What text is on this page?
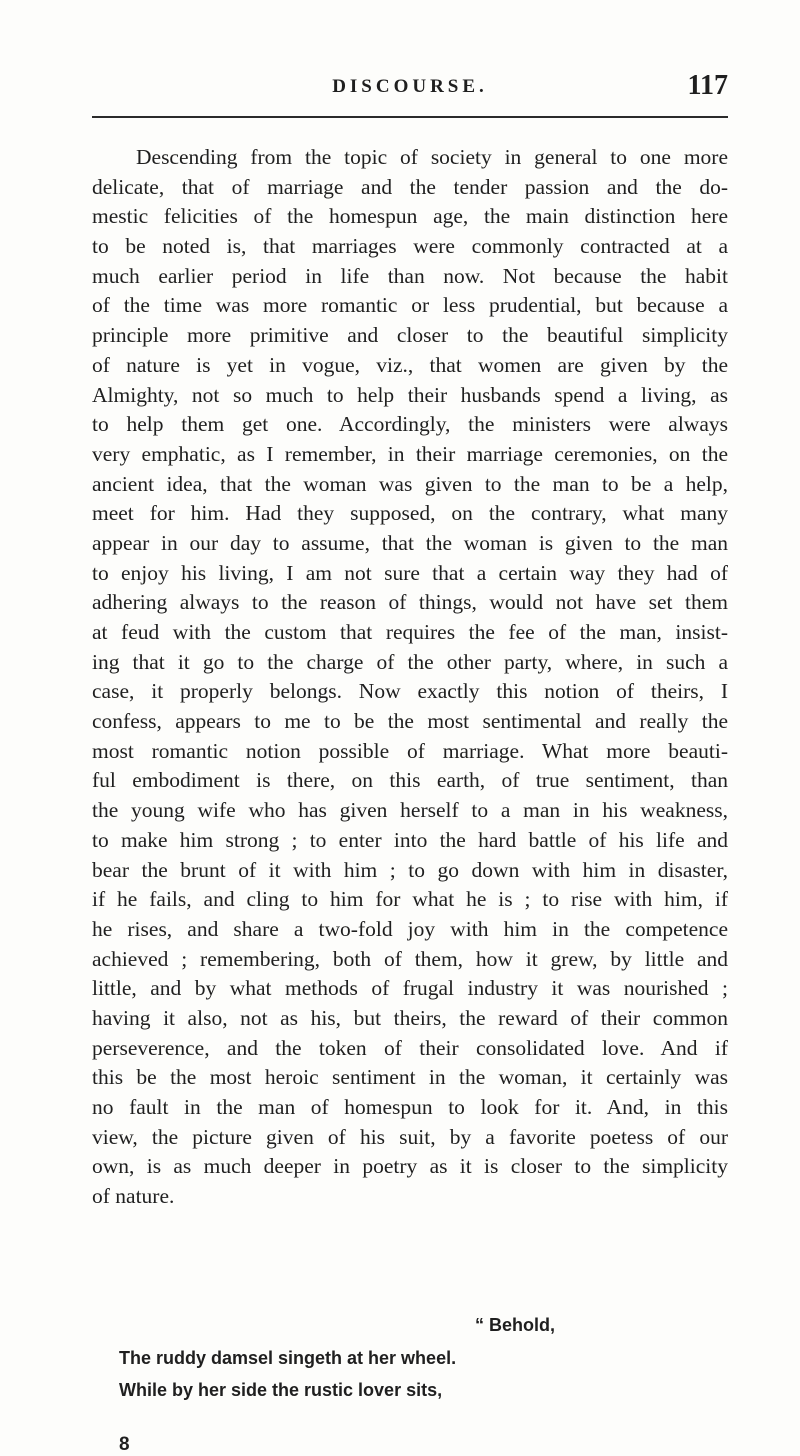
DISCOURSE.	117
Descending from the topic of society in general to one more
delicate, that of marriage and the tender passion and the do-
mestic felicities of the homespun age, the main distinction here
to be noted is, that marriages were commonly contracted at a
much earlier period in life than now. Not because the habit
of the time was more romantic or less prudential, but because a
principle more primitive and closer to the beautiful simplicity
of nature is yet in vogue, viz., that women are given by the
Almighty, not so much to help their husbands spend a living, as
to help them get one. Accordingly, the ministers were always
very emphatic, as I remember, in their marriage ceremonies, on the
ancient idea, that the woman was given to the man to be a help,
meet for him. Had they supposed, on the contrary, what many
appear in our day to assume, that the woman is given to the man
to enjoy his living, I am not sure that a certain way they had of
adhering always to the reason of things, would not have set them
at feud with the custom that requires the fee of the man, insist-
ing that it go to the charge of the other party, where, in such a
case, it properly belongs. Now exactly this notion of theirs, I
confess, appears to me to be the most sentimental and really the
most romantic notion possible of marriage. What more beauti-
ful embodiment is there, on this earth, of true sentiment, than
the young wife who has given herself to a man in his weakness,
to make him strong ; to enter into the hard battle of his life and
bear the brunt of it with him ; to go down with him in disaster,
if he fails, and cling to him for what he is ; to rise with him, if
he rises, and share a two-fold joy with him in the competence
achieved ; remembering, both of them, how it grew, by little and
little, and by what methods of frugal industry it was nourished ;
having it also, not as his, but theirs, the reward of their common
perseverence, and the token of their consolidated love. And if
this be the most heroic sentiment in the woman, it certainly was
no fault in the man of homespun to look for it. And, in this
view, the picture given of his suit, by a favorite poetess of our
own, is as much deeper in poetry as it is closer to the simplicity
of nature.
“ Behold,
The ruddy damsel singeth at her wheel.
While by her side the rustic lover sits,
8
